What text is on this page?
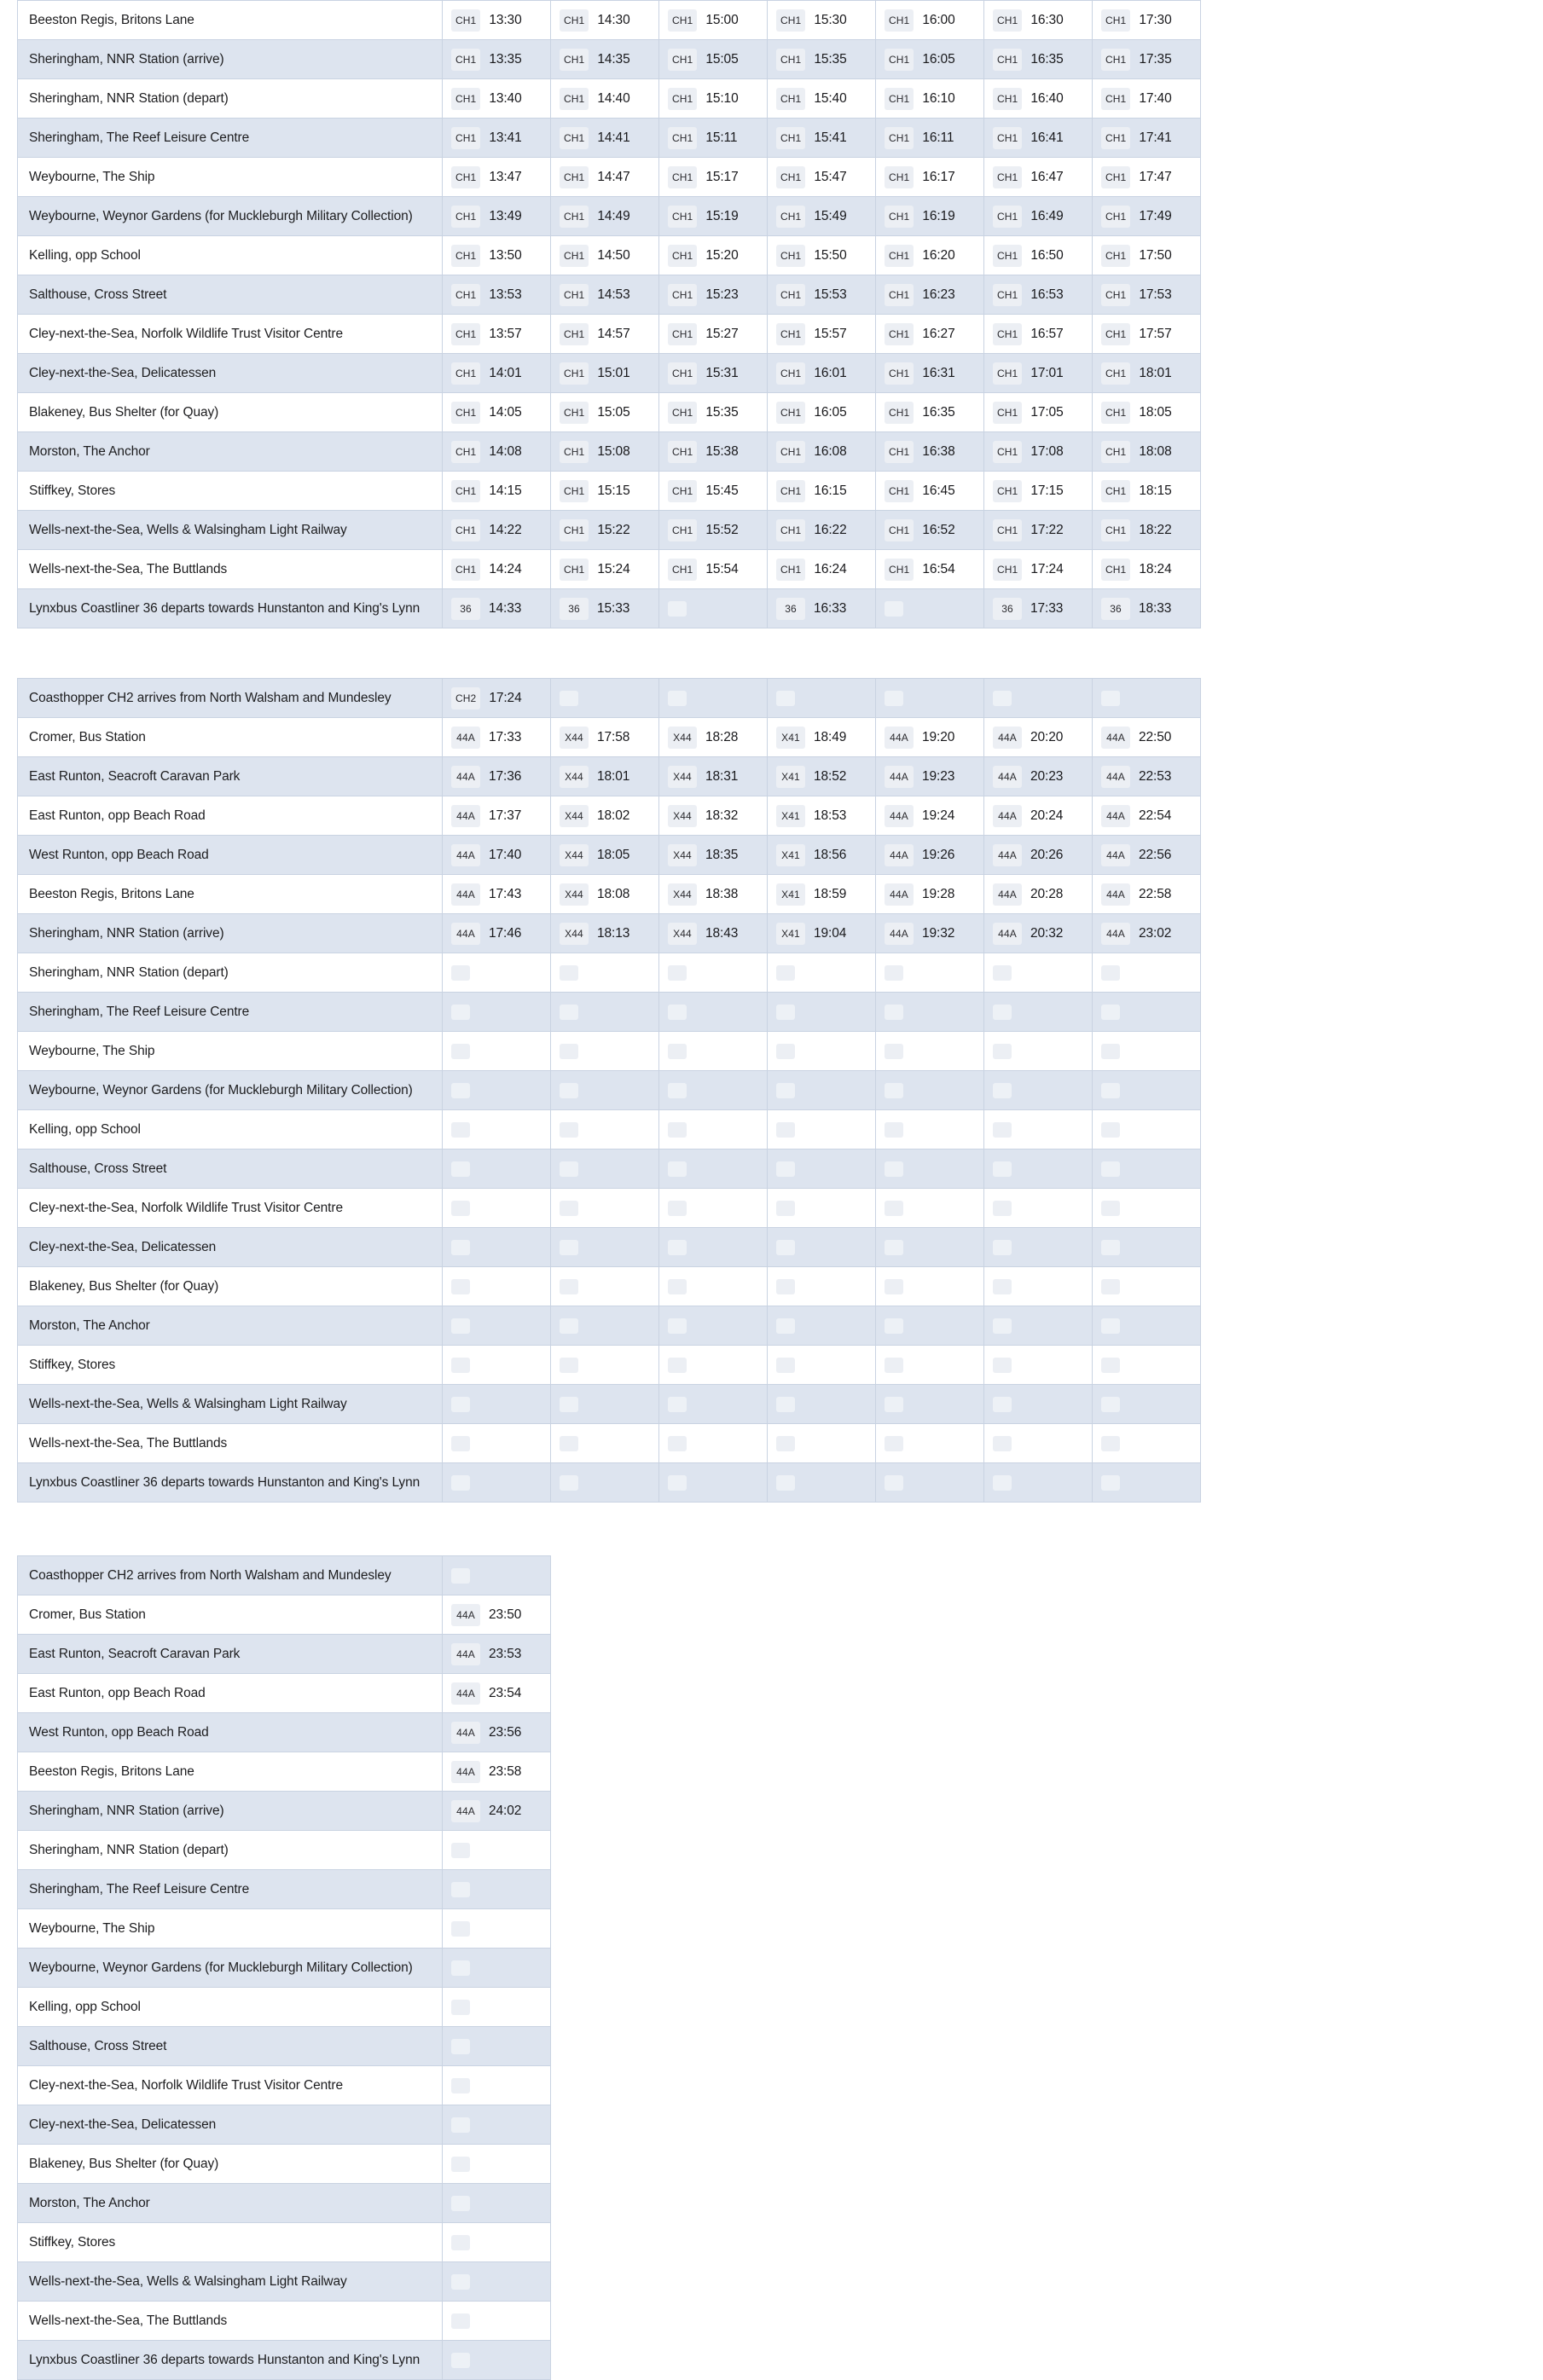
Beeston Regis, Britons Lane	CH1 13:30	CH1 14:30	CH1 15:00	CH1 15:30	CH1 16:00	CH1 16:30	CH1 17:30

Sheringham, NNR Station (arrive)	CH1 13:35	CH1 14:35	CH1 15:05	CH1 15:35	CH1 16:05	CH1 16:35	CH1 17:35

Sheringham, NNR Station (depart)	CH1 13:40	CH1 14:40	CH1 15:10	CH1 15:40	CH1 16:10	CH1 16:40	CH1 17:40

Sheringham, The Reef Leisure Centre	CH1 13:41	CH1 14:41	CH1 15:11	CH1 15:41	CH1 16:11	CH1 16:41	CH1 17:41

Weybourne, The Ship	CH1 13:47	CH1 14:47	CH1 15:17	CH1 15:47	CH1 16:17	CH1 16:47	CH1 17:47

Weybourne, Weynor Gardens (for Muckleburgh Military Collection)	CH1 13:49	CH1 14:49	CH1 15:19	CH1 15:49	CH1 16:19	CH1 16:49	CH1 17:49

Kelling, opp School	CH1 13:50	CH1 14:50	CH1 15:20	CH1 15:50	CH1 16:20	CH1 16:50	CH1 17:50

Salthouse, Cross Street	CH1 13:53	CH1 14:53	CH1 15:23	CH1 15:53	CH1 16:23	CH1 16:53	CH1 17:53

Cley-next-the-Sea, Norfolk Wildlife Trust Visitor Centre	CH1 13:57	CH1 14:57	CH1 15:27	CH1 15:57	CH1 16:27	CH1 16:57	CH1 17:57

Cley-next-the-Sea, Delicatessen	CH1 14:01	CH1 15:01	CH1 15:31	CH1 16:01	CH1 16:31	CH1 17:01	CH1 18:01

Blakeney, Bus Shelter (for Quay)	CH1 14:05	CH1 15:05	CH1 15:35	CH1 16:05	CH1 16:35	CH1 17:05	CH1 18:05

Morston, The Anchor	CH1 14:08	CH1 15:08	CH1 15:38	CH1 16:08	CH1 16:38	CH1 17:08	CH1 18:08

Stiffkey, Stores	CH1 14:15	CH1 15:15	CH1 15:45	CH1 16:15	CH1 16:45	CH1 17:15	CH1 18:15

Wells-next-the-Sea, Wells & Walsingham Light Railway	CH1 14:22	CH1 15:22	CH1 15:52	CH1 16:22	CH1 16:52	CH1 17:22	CH1 18:22

Wells-next-the-Sea, The Buttlands	CH1 14:24	CH1 15:24	CH1 15:54	CH1 16:24	CH1 16:54	CH1 17:24	CH1 18:24

Lynxbus Coastliner 36 departs towards Hunstanton and King's Lynn	36 14:33	36 15:33		36 16:33		36 17:33	36 18:33
Coasthopper CH2 arrives from North Walsham and Mundesley	CH2 17:24						

Cromer, Bus Station	44A 17:33	X44 17:58	X44 18:28	X41 18:49	44A 19:20	44A 20:20	44A 22:50

East Runton, Seacroft Caravan Park	44A 17:36	X44 18:01	X44 18:31	X41 18:52	44A 19:23	44A 20:23	44A 22:53

East Runton, opp Beach Road	44A 17:37	X44 18:02	X44 18:32	X41 18:53	44A 19:24	44A 20:24	44A 22:54

West Runton, opp Beach Road	44A 17:40	X44 18:05	X44 18:35	X41 18:56	44A 19:26	44A 20:26	44A 22:56

Beeston Regis, Britons Lane	44A 17:43	X44 18:08	X44 18:38	X41 18:59	44A 19:28	44A 20:28	44A 22:58

Sheringham, NNR Station (arrive)	44A 17:46	X44 18:13	X44 18:43	X41 19:04	44A 19:32	44A 20:32	44A 23:02

Sheringham, NNR Station (depart)	

Sheringham, The Reef Leisure Centre	

Weybourne, The Ship	

Weybourne, Weynor Gardens (for Muckleburgh Military Collection)	

Kelling, opp School	

Salthouse, Cross Street	

Cley-next-the-Sea, Norfolk Wildlife Trust Visitor Centre	

Cley-next-the-Sea, Delicatessen	

Blakeney, Bus Shelter (for Quay)	

Morston, The Anchor	

Stiffkey, Stores	

Wells-next-the-Sea, Wells & Walsingham Light Railway	

Wells-next-the-Sea, The Buttlands	

Lynxbus Coastliner 36 departs towards Hunstanton and King's Lynn	

Coasthopper CH2 arrives from North Walsham and Mundesley	

Cromer, Bus Station	44A 23:50

East Runton, Seacroft Caravan Park	44A 23:53

East Runton, opp Beach Road	44A 23:54

West Runton, opp Beach Road	44A 23:56

Beeston Regis, Britons Lane	44A 23:58

Sheringham, NNR Station (arrive)	44A 24:02

Sheringham, NNR Station (depart)	

Sheringham, The Reef Leisure Centre	

Weybourne, The Ship	

Weybourne, Weynor Gardens (for Muckleburgh Military Collection)	

Kelling, opp School	

Salthouse, Cross Street	

Cley-next-the-Sea, Norfolk Wildlife Trust Visitor Centre	

Cley-next-the-Sea, Delicatessen	

Blakeney, Bus Shelter (for Quay)	

Morston, The Anchor	

Stiffkey, Stores	

Wells-next-the-Sea, Wells & Walsingham Light Railway	

Wells-next-the-Sea, The Buttlands	

Lynxbus Coastliner 36 departs towards Hunstanton and King's Lynn	
